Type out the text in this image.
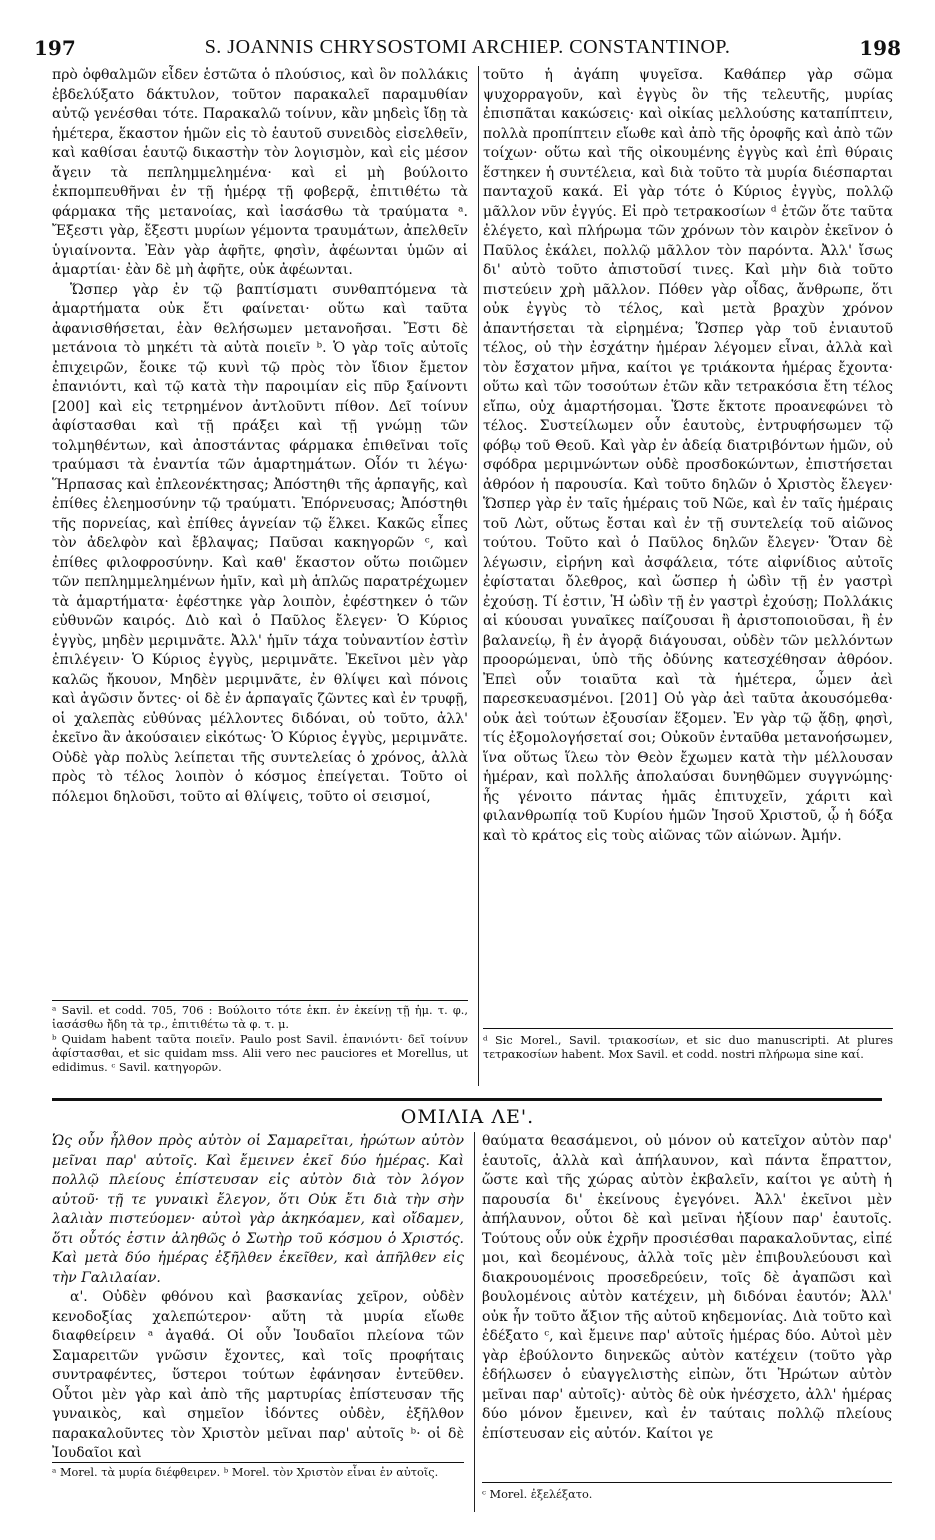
197	S. JOANNIS CHRYSOSTOMI ARCHIEP. CONSTANTINOP.	198

πρὸ ὀφθαλμῶν εἶδεν ἑστῶτα ὁ πλούσιος, καὶ ὃν πολλάκις ἐβδελύξατο δάκτυλον, τοῦτον παρακαλεῖ παραμυθίαν αὐτῷ γενέσθαι τότε. Παρακαλῶ τοίνυν, κἂν μηδεὶς ἴδῃ τὰ ἡμέτερα, ἕκαστον ἡμῶν εἰς τὸ ἑαυτοῦ συνειδὸς εἰσελθεῖν, καὶ καθίσαι ἑαυτῷ δικαστὴν τὸν λογισμὸν, καὶ εἰς μέσον ἄγειν τὰ πεπλημμελημένα· καὶ εἰ μὴ βούλοιτο ἐκπομπευθῆναι ἐν τῇ ἡμέρᾳ τῇ φοβερᾷ, ἐπιτιθέτω τὰ φάρμακα τῆς μετανοίας, καὶ ἰασάσθω τὰ τραύματα ᵃ. Ἔξεστι γὰρ, ἔξεστι μυρίων γέμοντα τραυμάτων, ἀπελθεῖν ὑγιαίνοντα. Ἐὰν γὰρ ἀφῆτε, φησὶν, ἀφέωνται ὑμῶν αἱ ἁμαρτίαι· ἐὰν δὲ μὴ ἀφῆτε, οὐκ ἀφέωνται.

Ὥσπερ γὰρ ἐν τῷ βαπτίσματι συνθαπτόμενα τὰ ἁμαρτήματα οὐκ ἔτι φαίνεται· οὕτω καὶ ταῦτα ἀφανισθήσεται, ἐὰν θελήσωμεν μετανοῆσαι. Ἔστι δὲ μετάνοια τὸ μηκέτι τὰ αὐτὰ ποιεῖν ᵇ. Ὁ γὰρ τοῖς αὐτοῖς ἐπιχειρῶν, ἔοικε τῷ κυνὶ τῷ πρὸς τὸν ἴδιον ἔμετον ἐπανιόντι, καὶ τῷ κατὰ τὴν παροιμίαν εἰς πῦρ ξαίνοντι [200] καὶ εἰς τετρημένον ἀντλοῦντι πίθον. Δεῖ τοίνυν ἀφίστασθαι καὶ τῇ πράξει καὶ τῇ γνώμῃ τῶν τολμηθέντων, καὶ ἀποστάντας φάρμακα ἐπιθεῖναι τοῖς τραύμασι τὰ ἐναντία τῶν ἁμαρτημάτων. Οἷόν τι λέγω· Ἥρπασας καὶ ἐπλεονέκτησας; Ἀπόστηθι τῆς ἁρπαγῆς, καὶ ἐπίθες ἐλεημοσύνην τῷ τραύματι. Ἐπόρνευσας; Ἀπόστηθι τῆς πορνείας, καὶ ἐπίθες ἁγνείαν τῷ ἕλκει. Κακῶς εἶπες τὸν ἀδελφὸν καὶ ἔβλαψας; Παῦσαι κακηγορῶν ᶜ, καὶ ἐπίθες φιλοφροσύνην. Καὶ καθ' ἕκαστον οὕτω ποιῶμεν τῶν πεπλημμελημένων ἡμῖν, καὶ μὴ ἁπλῶς παρατρέχωμεν τὰ ἁμαρτήματα· ἐφέστηκε γὰρ λοιπὸν, ἐφέστηκεν ὁ τῶν εὐθυνῶν καιρός. Διὸ καὶ ὁ Παῦλος ἔλεγεν· Ὁ Κύριος ἐγγὺς, μηδὲν μεριμνᾶτε. Ἀλλ' ἡμῖν τάχα τοὐναντίον ἐστὶν ἐπιλέγειν· Ὁ Κύριος ἐγγὺς, μεριμνᾶτε. Ἐκεῖνοι μὲν γὰρ καλῶς ἤκουον, Μηδὲν μεριμνᾶτε, ἐν θλίψει καὶ πόνοις καὶ ἀγῶσιν ὄντες· οἱ δὲ ἐν ἁρπαγαῖς ζῶντες καὶ ἐν τρυφῇ, οἱ χαλεπὰς εὐθύνας μέλλοντες διδόναι, οὐ τοῦτο, ἀλλ' ἐκεῖνο ἂν ἀκούσαιεν εἰκότως· Ὁ Κύριος ἐγγὺς, μεριμνᾶτε. Οὐδὲ γὰρ πολὺς λείπεται τῆς συντελείας ὁ χρόνος, ἀλλὰ πρὸς τὸ τέλος λοιπὸν ὁ κόσμος ἐπείγεται. Τοῦτο οἱ πόλεμοι δηλοῦσι, τοῦτο αἱ θλίψεις, τοῦτο οἱ σεισμοί,

ᵃ Savil. et codd. 705, 706 : Βούλοιτο τότε ἐκπ. ἐν ἐκείνῃ τῇ ἡμ. τ. φ., ἰασάσθω ἤδη τὰ τρ., ἐπιτιθέτω τὰ φ. τ. μ.

ᵇ Quidam habent ταῦτα ποιεῖν. Paulo post Savil. ἐπανιόντι· δεῖ τοίνυν ἀφίστασθαι, et sic quidam mss. Alii vero nec pauciores et Morellus, ut edidimus. ᶜ Savil. κατηγορῶν.

τοῦτο ἡ ἀγάπη ψυγεῖσα. Καθάπερ γὰρ σῶμα ψυχορραγοῦν, καὶ ἐγγὺς ὂν τῆς τελευτῆς, μυρίας ἐπισπᾶται κακώσεις· καὶ οἰκίας μελλούσης καταπίπτειν, πολλὰ προπίπτειν εἴωθε καὶ ἀπὸ τῆς ὀροφῆς καὶ ἀπὸ τῶν τοίχων· οὕτω καὶ τῆς οἰκουμένης ἐγγὺς καὶ ἐπὶ θύραις ἕστηκεν ἡ συντέλεια, καὶ διὰ τοῦτο τὰ μυρία διέσπαρται πανταχοῦ κακά. Εἰ γὰρ τότε ὁ Κύριος ἐγγὺς, πολλῷ μᾶλλον νῦν ἐγγύς. Εἰ πρὸ τετρακοσίων ᵈ ἐτῶν ὅτε ταῦτα ἐλέγετο, καὶ πλήρωμα τῶν χρόνων τὸν καιρὸν ἐκεῖνον ὁ Παῦλος ἐκάλει, πολλῷ μᾶλλον τὸν παρόντα. Ἀλλ' ἴσως δι' αὐτὸ τοῦτο ἀπιστοῦσί τινες. Καὶ μὴν διὰ τοῦτο πιστεύειν χρὴ μᾶλλον. Πόθεν γὰρ οἶδας, ἄνθρωπε, ὅτι οὐκ ἐγγὺς τὸ τέλος, καὶ μετὰ βραχὺν χρόνον ἀπαντήσεται τὰ εἰρημένα; Ὥσπερ γὰρ τοῦ ἐνιαυτοῦ τέλος, οὐ τὴν ἐσχάτην ἡμέραν λέγομεν εἶναι, ἀλλὰ καὶ τὸν ἔσχατον μῆνα, καίτοι γε τριάκοντα ἡμέρας ἔχοντα· οὕτω καὶ τῶν τοσούτων ἐτῶν κἂν τετρακόσια ἔτη τέλος εἴπω, οὐχ ἁμαρτήσομαι. Ὥστε ἔκτοτε προανεφώνει τὸ τέλος. Συστείλωμεν οὖν ἑαυτοὺς, ἐντρυφήσωμεν τῷ φόβῳ τοῦ Θεοῦ. Καὶ γὰρ ἐν ἀδείᾳ διατριβόντων ἡμῶν, οὐ σφόδρα μεριμνώντων οὐδὲ προσδοκώντων, ἐπιστήσεται ἀθρόον ἡ παρουσία. Καὶ τοῦτο δηλῶν ὁ Χριστὸς ἔλεγεν· Ὥσπερ γὰρ ἐν ταῖς ἡμέραις τοῦ Νῶε, καὶ ἐν ταῖς ἡμέραις τοῦ Λὼτ, οὕτως ἔσται καὶ ἐν τῇ συντελείᾳ τοῦ αἰῶνος τούτου. Τοῦτο καὶ ὁ Παῦλος δηλῶν ἔλεγεν· Ὅταν δὲ λέγωσιν, εἰρήνη καὶ ἀσφάλεια, τότε αἰφνίδιος αὐτοῖς ἐφίσταται ὄλεθρος, καὶ ὥσπερ ἡ ὠδὶν τῇ ἐν γαστρὶ ἐχούσῃ. Τί ἐστιν, Ἡ ὠδὶν τῇ ἐν γαστρὶ ἐχούσῃ; Πολλάκις αἱ κύουσαι γυναῖκες παίζουσαι ἢ ἀριστοποιοῦσαι, ἢ ἐν βαλανείῳ, ἢ ἐν ἀγορᾷ διάγουσαι, οὐδὲν τῶν μελλόντων προορώμεναι, ὑπὸ τῆς ὀδύνης κατεσχέθησαν ἀθρόον. Ἐπεὶ οὖν τοιαῦτα καὶ τὰ ἡμέτερα, ὦμεν ἀεὶ παρεσκευασμένοι. [201] Οὐ γὰρ ἀεὶ ταῦτα ἀκουσόμεθα· οὐκ ἀεὶ τούτων ἐξουσίαν ἕξομεν. Ἐν γὰρ τῷ ᾅδῃ, φησὶ, τίς ἐξομολογήσεταί σοι; Οὐκοῦν ἐνταῦθα μετανοήσωμεν, ἵνα οὕτως ἵλεω τὸν Θεὸν ἔχωμεν κατὰ τὴν μέλλουσαν ἡμέραν, καὶ πολλῆς ἀπολαύσαι δυνηθῶμεν συγγνώμης· ἧς γένοιτο πάντας ἡμᾶς ἐπιτυχεῖν, χάριτι καὶ φιλανθρωπίᾳ τοῦ Κυρίου ἡμῶν Ἰησοῦ Χριστοῦ, ᾧ ἡ δόξα καὶ τὸ κράτος εἰς τοὺς αἰῶνας τῶν αἰώνων. Ἀμήν.

ᵈ Sic Morel., Savil. τριακοσίων, et sic duo manuscripti. At plures τετρακοσίων habent. Mox Savil. et codd. nostri πλήρωμα sine καί.

ΟΜΙΛΙΑ ΛΕ'.

Ὡς οὖν ἦλθον πρὸς αὐτὸν οἱ Σαμαρεῖται, ἠρώτων αὐτὸν μεῖναι παρ' αὐτοῖς. Καὶ ἔμεινεν ἐκεῖ δύο ἡμέρας. Καὶ πολλῷ πλείους ἐπίστευσαν εἰς αὐτὸν διὰ τὸν λόγον αὐτοῦ· τῇ τε γυναικὶ ἔλεγον, ὅτι Οὐκ ἔτι διὰ τὴν σὴν λαλιὰν πιστεύομεν· αὐτοὶ γὰρ ἀκηκόαμεν, καὶ οἴδαμεν, ὅτι οὗτός ἐστιν ἀληθῶς ὁ Σωτὴρ τοῦ κόσμου ὁ Χριστός. Καὶ μετὰ δύο ἡμέρας ἐξῆλθεν ἐκεῖθεν, καὶ ἀπῆλθεν εἰς τὴν Γαλιλαίαν.

α'. Οὐδὲν φθόνου καὶ βασκανίας χεῖρον, οὐδὲν κενοδοξίας χαλεπώτερον· αὕτη τὰ μυρία εἴωθε διαφθείρειν ᵃ ἀγαθά. Οἱ οὖν Ἰουδαῖοι πλείονα τῶν Σαμαρειτῶν γνῶσιν ἔχοντες, καὶ τοῖς προφήταις συντραφέντες, ὕστεροι τούτων ἐφάνησαν ἐντεῦθεν. Οὗτοι μὲν γὰρ καὶ ἀπὸ τῆς μαρτυρίας ἐπίστευσαν τῆς γυναικὸς, καὶ σημεῖον ἰδόντες οὐδὲν, ἐξῆλθον παρακαλοῦντες τὸν Χριστὸν μεῖναι παρ' αὐτοῖς ᵇ· οἱ δὲ Ἰουδαῖοι καὶ

ᵃ Morel. τὰ μυρία διέφθειρεν. ᵇ Morel. τὸν Χριστὸν εἶναι ἐν αὐτοῖς.

θαύματα θεασάμενοι, οὐ μόνον οὐ κατεῖχον αὐτὸν παρ' ἑαυτοῖς, ἀλλὰ καὶ ἀπήλαυνον, καὶ πάντα ἔπραττον, ὥστε καὶ τῆς χώρας αὐτὸν ἐκβαλεῖν, καίτοι γε αὐτὴ ἡ παρουσία δι' ἐκείνους ἐγεγόνει. Ἀλλ' ἐκεῖνοι μὲν ἀπήλαυνον, οὗτοι δὲ καὶ μεῖναι ἠξίουν παρ' ἑαυτοῖς. Τούτους οὖν οὐκ ἐχρῆν προσιέσθαι παρακαλοῦντας, εἰπέ μοι, καὶ δεομένους, ἀλλὰ τοῖς μὲν ἐπιβουλεύουσι καὶ διακρουομένοις προσεδρεύειν, τοῖς δὲ ἀγαπῶσι καὶ βουλομένοις αὐτὸν κατέχειν, μὴ διδόναι ἑαυτόν; Ἀλλ' οὐκ ἦν τοῦτο ἄξιον τῆς αὐτοῦ κηδεμονίας. Διὰ τοῦτο καὶ ἐδέξατο ᶜ, καὶ ἔμεινε παρ' αὐτοῖς ἡμέρας δύο. Αὐτοὶ μὲν γὰρ ἐβούλοντο διηνεκῶς αὐτὸν κατέχειν (τοῦτο γὰρ ἐδήλωσεν ὁ εὐαγγελιστὴς εἰπὼν, ὅτι Ἠρώτων αὐτὸν μεῖναι παρ' αὐτοῖς)· αὐτὸς δὲ οὐκ ἠνέσχετο, ἀλλ' ἡμέρας δύο μόνον ἔμεινεν, καὶ ἐν ταύταις πολλῷ πλείους ἐπίστευσαν εἰς αὐτόν. Καίτοι γε

ᶜ Morel. ἐξελέξατο.
